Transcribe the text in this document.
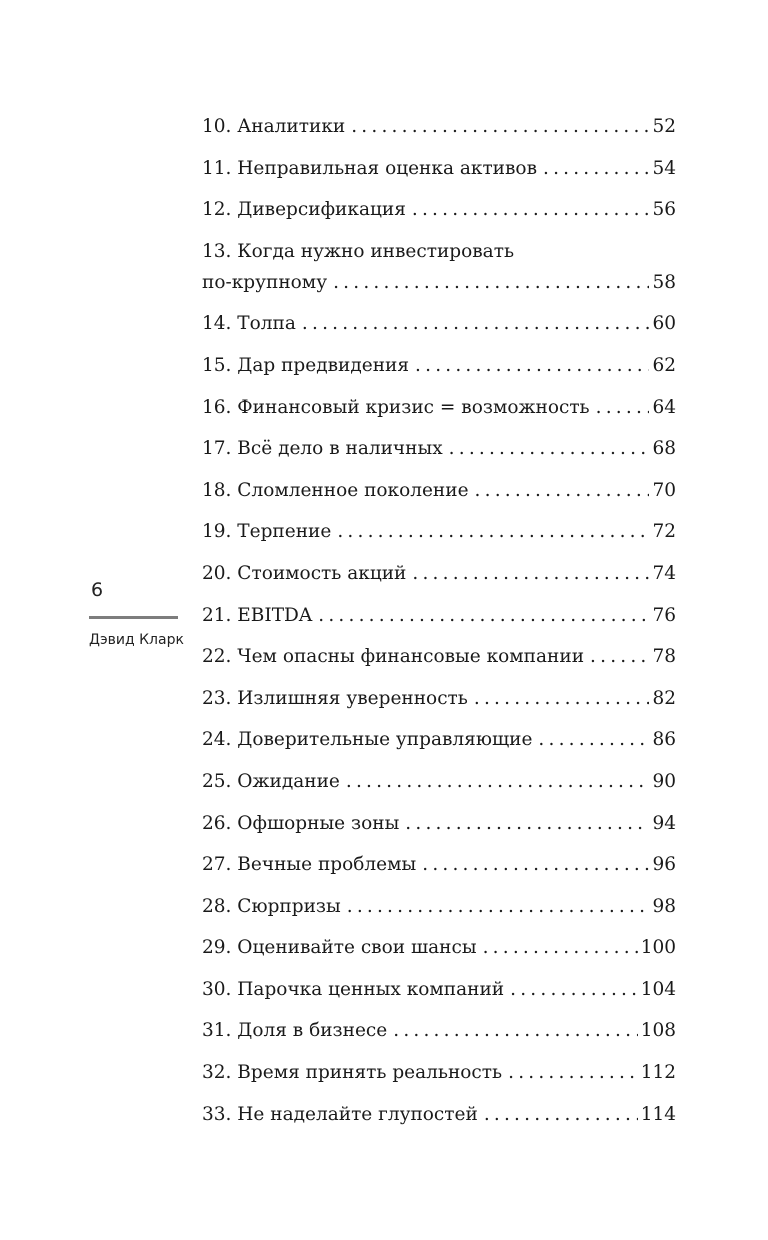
6
Дэвид Кларк
10. Аналитики .....	52
11. Неправильная оценка активов .....	54
12. Диверсификация .....	56
13. Когда нужно инвестировать
по-крупному .....	58
14. Толпа .....	60
15. Дар предвидения .....	62
16. Финансовый кризис = возможность .....	64
17. Всё дело в наличных .....	68
18. Сломленное поколение .....	70
19. Терпение .....	72
20. Стоимость акций .....	74
21. EBITDA .....	76
22. Чем опасны финансовые компании .....	78
23. Излишняя уверенность .....	82
24. Доверительные управляющие .....	86
25. Ожидание .....	90
26. Офшорные зоны .....	94
27. Вечные проблемы .....	96
28. Сюрпризы .....	98
29. Оценивайте свои шансы .....	100
30. Парочка ценных компаний .....	104
31. Доля в бизнесе .....	108
32. Время принять реальность .....	112
33. Не наделайте глупостей .....	114
